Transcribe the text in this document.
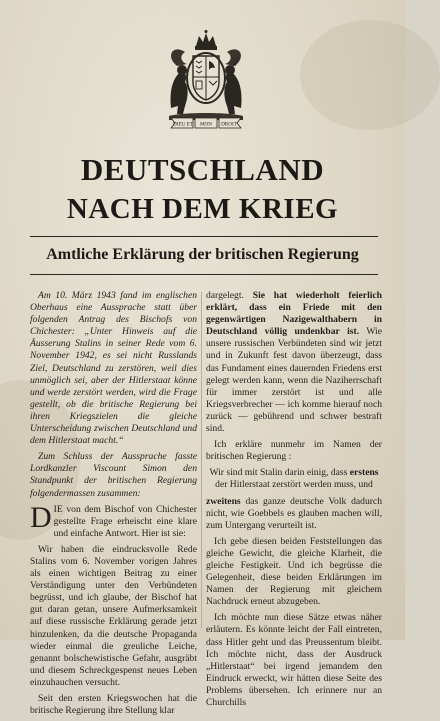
DIEU ET MON DROIT
DEUTSCHLAND
NACH DEM KRIEG
Amtliche Erklärung der britischen Regierung

Am 10. März 1943 fand im englischen Oberhaus eine Aussprache statt über folgenden Antrag des Bischofs von Chichester: „Unter Hinweis auf die Äusserung Stalins in seiner Rede vom 6. November 1942, es sei nicht Russlands Ziel, Deutschland zu zerstören, weil dies unmöglich sei, aber der Hitlerstaat könne und werde zerstört werden, wird die Frage gestellt, ob die britische Regierung bei ihren Kriegszielen die gleiche Unterscheidung zwischen Deutschland und dem Hitlerstaat macht.“

Zum Schluss der Aussprache fasste Lordkanzler Viscount Simon den Standpunkt der britischen Regierung folgendermassen zusammen:

DIE von dem Bischof von Chichester gestellte Frage erheischt eine klare und einfache Antwort. Hier ist sie:

Wir haben die eindrucksvolle Rede Stalins vom 6. November vorigen Jahres als einen wichtigen Beitrag zu einer Verständigung unter den Verbündeten begrüsst, und ich glaube, der Bischof hat gut daran getan, unsere Aufmerksamkeit auf diese russische Erklärung gerade jetzt hinzulenken, da die deutsche Propaganda wieder einmal die greuliche Leiche, genannt bolschewistische Gefahr, ausgräbt und diesem Schreckgespenst neues Leben einzuhauchen versucht.

Seit den ersten Kriegswochen hat die britische Regierung ihre Stellung klar

dargelegt. Sie hat wiederholt feierlich erklärt, dass ein Friede mit den gegenwärtigen Nazigewalthabern in Deutschland völlig undenkbar ist. Wie unsere russischen Verbündeten sind wir jetzt und in Zukunft fest davon überzeugt, dass das Fundament eines dauernden Friedens erst gelegt werden kann, wenn die Naziherrschaft für immer zerstört ist und alle Kriegsverbrecher — ich komme hierauf noch zurück — gebührend und schwer bestraft sind.

Ich erkläre nunmehr im Namen der britischen Regierung :

Wir sind mit Stalin darin einig, dass erstens der Hitlerstaat zerstört werden muss, und

zweitens das ganze deutsche Volk dadurch nicht, wie Goebbels es glauben machen will, zum Untergang verurteilt ist.

Ich gebe diesen beiden Feststellungen das gleiche Gewicht, die gleiche Klarheit, die gleiche Festigkeit. Und ich begrüsse die Gelegenheit, diese beiden Erklärungen im Namen der Regierung mit gleichem Nachdruck erneut abzugeben.

Ich möchte nun diese Sätze etwas näher erläutern. Es könnte leicht der Fall eintreten, dass Hitler geht und das Preussentum bleibt. Ich möchte nicht, dass der Ausdruck „Hitlerstaat“ bei irgend jemandem den Eindruck erweckt, wir hätten diese Seite des Problems übersehen. Ich erinnere nur an Churchills
